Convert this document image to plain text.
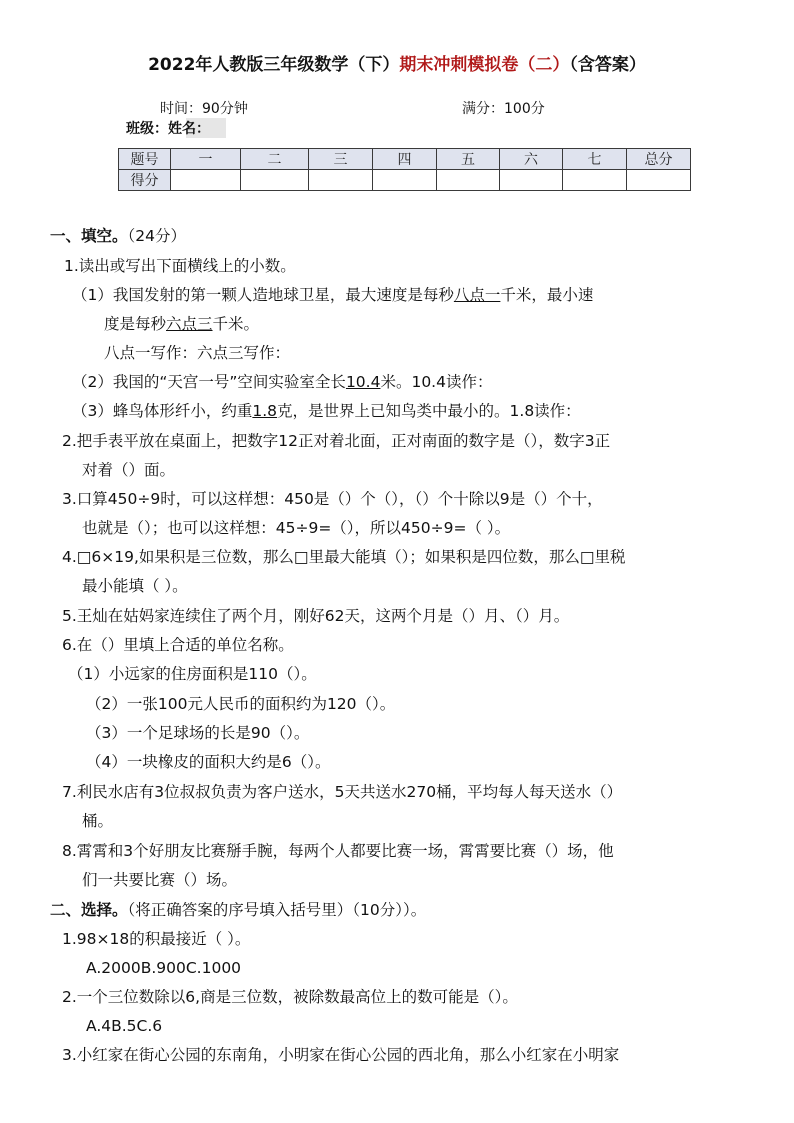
2022年人教版三年级数学（下）期末冲刺模拟卷（二）（含答案）
时间：90分钟	满分：100分
班级：姓名：
题号	一	二	三	四	五	六	七	总分
得分								
一、填空。（24分）
1.读出或写出下面横线上的小数。
（1）我国发射的第一颗人造地球卫星，最大速度是每秒八点一千米，最小速
度是每秒六点三千米。
八点一写作：六点三写作：
（2）我国的“天宫一号”空间实验室全长10.4米。10.4读作：
（3）蜂鸟体形纤小，约重1.8克，是世界上已知鸟类中最小的。1.8读作：
2.把手表平放在桌面上，把数字12正对着北面，正对南面的数字是（），数字3正
对着（）面。
3.口算450÷9时，可以这样想：450是（）个（），（）个十除以9是（）个十，
也就是（）；也可以这样想：45÷9=（），所以450÷9=（ ）。
4.□6×19,如果积是三位数，那么□里最大能填（）；如果积是四位数，那么□里税
最小能填（ ）。
5.王灿在姑妈家连续住了两个月，刚好62天，这两个月是（）月、（）月。
6.在（）里填上合适的单位名称。
（1）小远家的住房面积是110（）。
（2）一张100元人民币的面积约为120（）。
（3）一个足球场的长是90（）。
（4）一块橡皮的面积大约是6（）。
7.利民水店有3位叔叔负责为客户送水，5天共送水270桶，平均每人每天送水（）
桶。
8.霄霄和3个好朋友比赛掰手腕，每两个人都要比赛一场，霄霄要比赛（）场，他
们一共要比赛（）场。
二、选择。（将正确答案的序号填入括号里）（10分））。
1.98×18的积最接近（ ）。
A.2000B.900C.1000
2.一个三位数除以6,商是三位数，被除数最高位上的数可能是（）。
A.4B.5C.6
3.小红家在街心公园的东南角，小明家在街心公园的西北角，那么小红家在小明家
